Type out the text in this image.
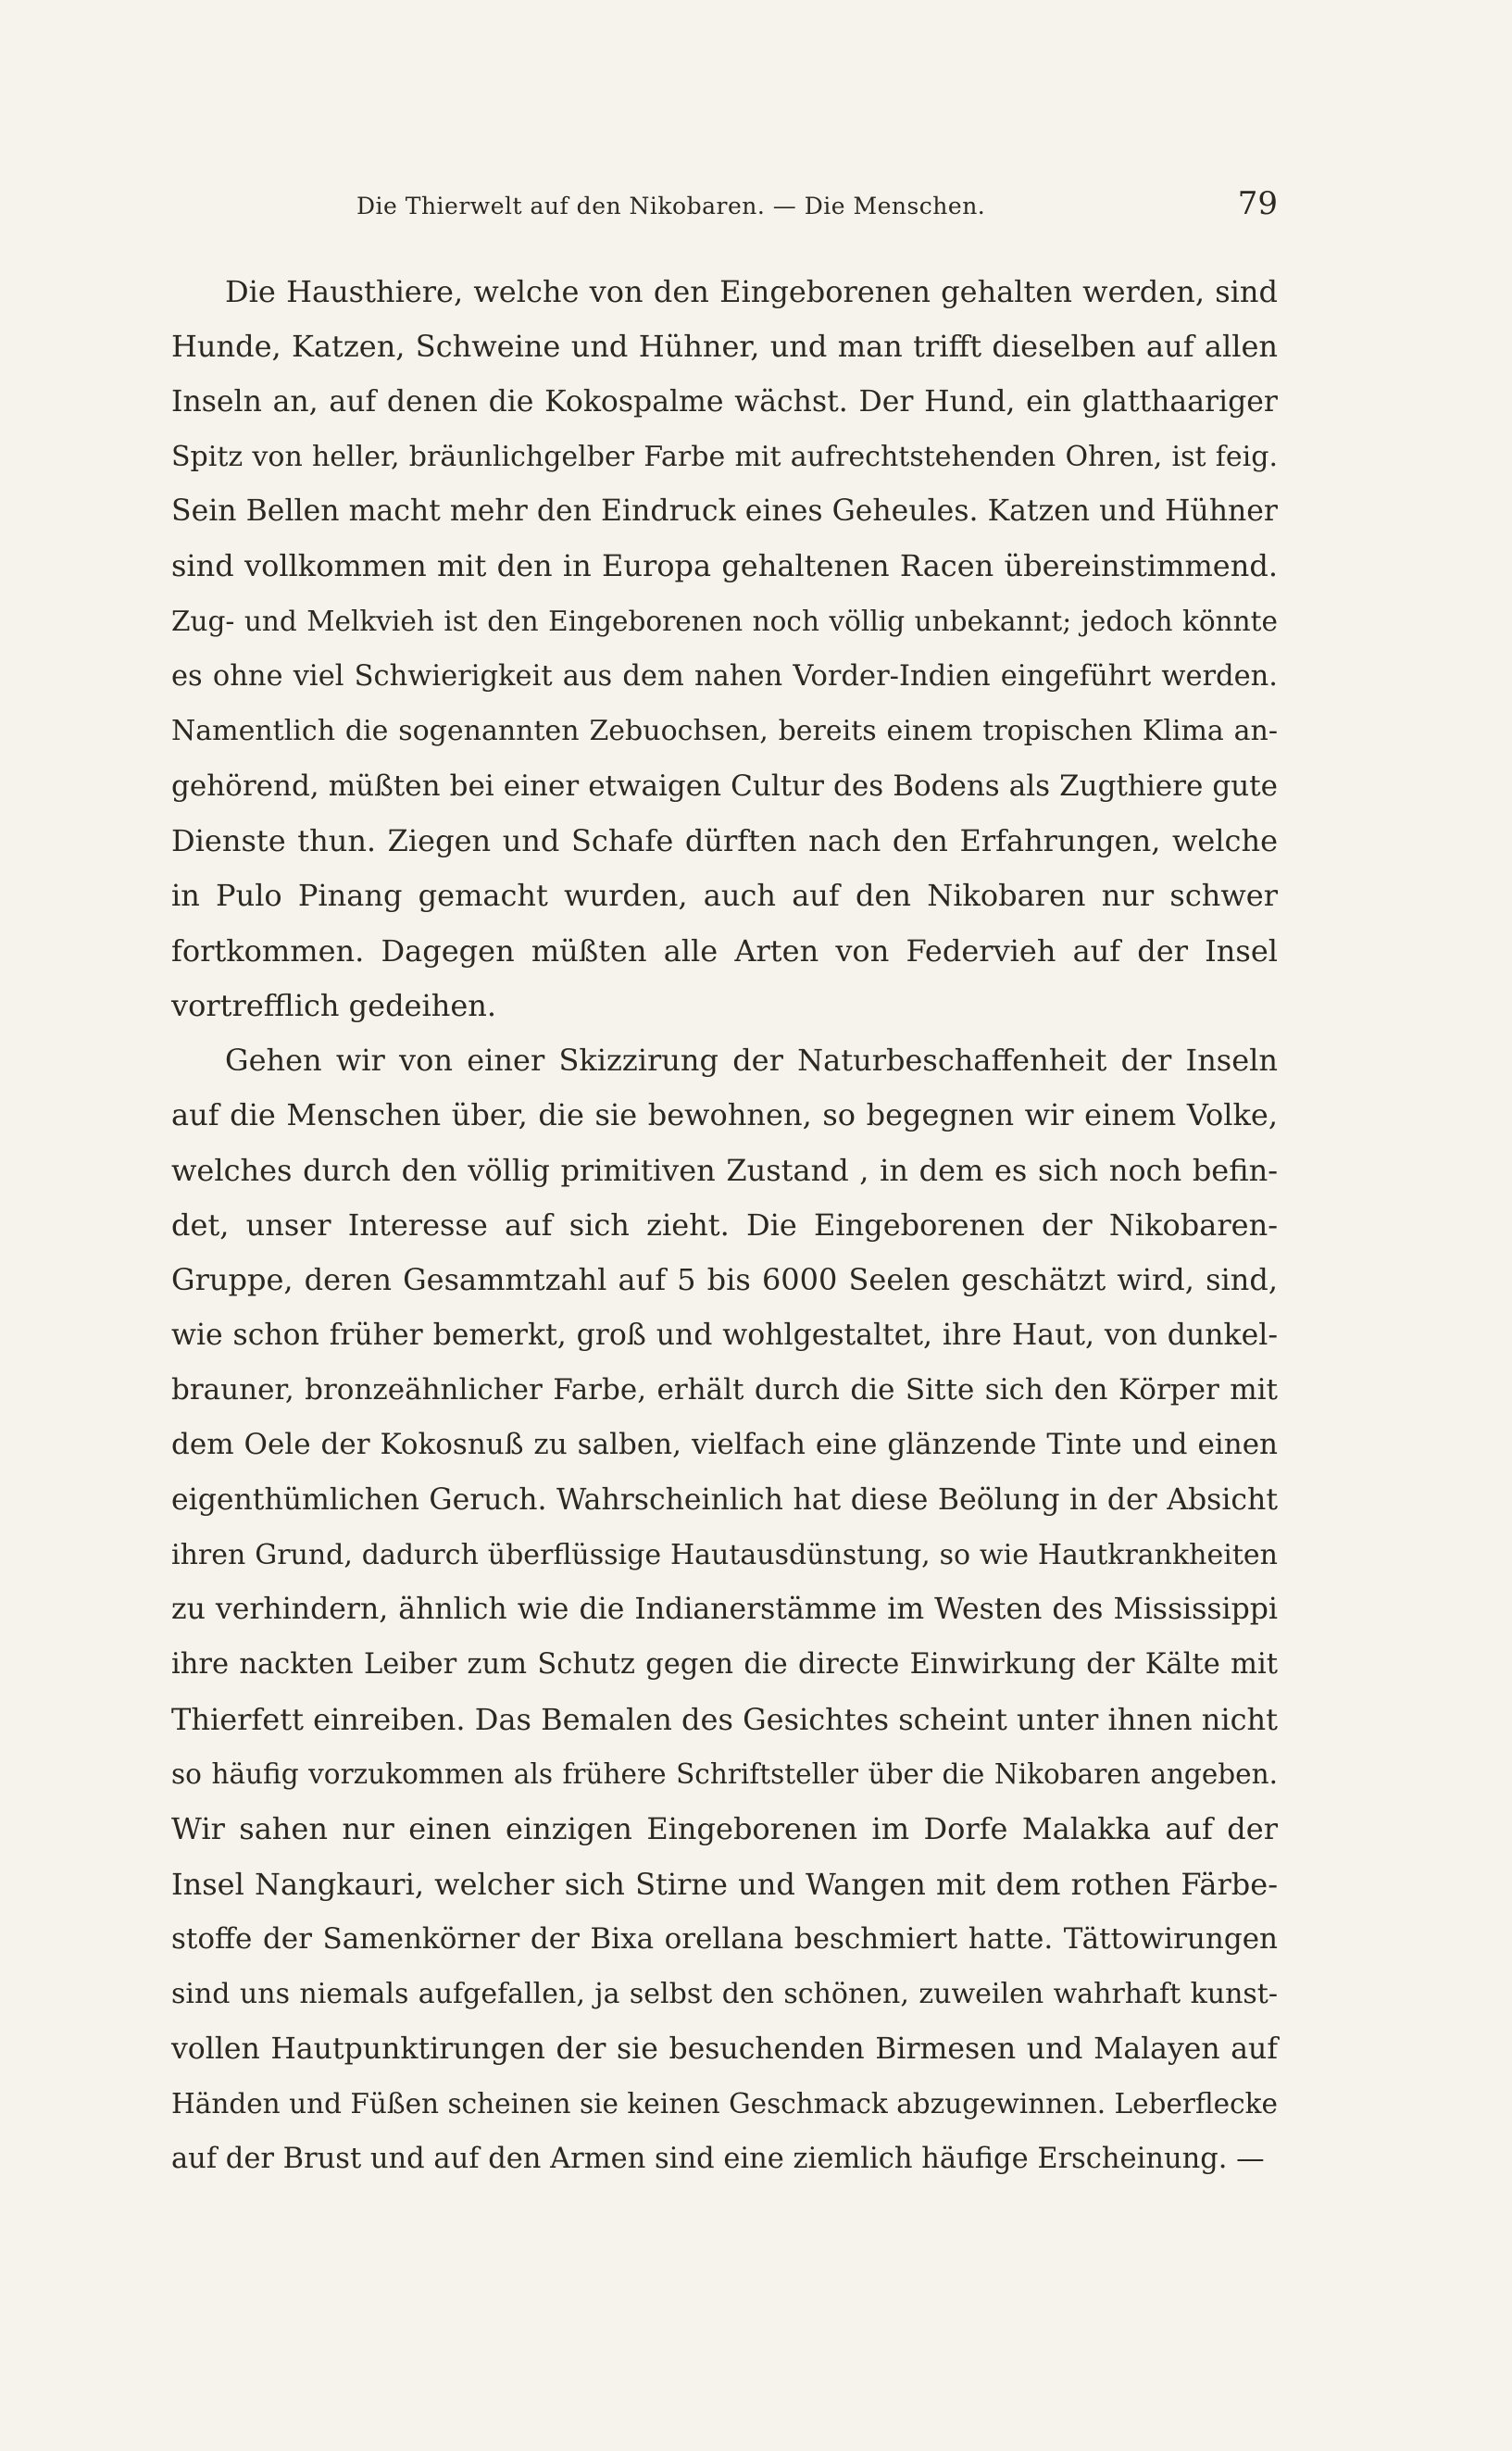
Die Thierwelt auf den Nikobaren. — Die Menschen.	79
Die Hausthiere, welche von den Eingeborenen gehalten werden, sind
Hunde, Katzen, Schweine und Hühner, und man trifft dieselben auf allen
Inseln an, auf denen die Kokospalme wächst. Der Hund, ein glatthaariger
Spitz von heller, bräunlichgelber Farbe mit aufrechtstehenden Ohren, ist feig.
Sein Bellen macht mehr den Eindruck eines Geheules. Katzen und Hühner
sind vollkommen mit den in Europa gehaltenen Racen übereinstimmend.
Zug- und Melkvieh ist den Eingeborenen noch völlig unbekannt; jedoch könnte
es ohne viel Schwierigkeit aus dem nahen Vorder-Indien eingeführt werden.
Namentlich die sogenannten Zebuochsen, bereits einem tropischen Klima an-
gehörend, müßten bei einer etwaigen Cultur des Bodens als Zugthiere gute
Dienste thun. Ziegen und Schafe dürften nach den Erfahrungen, welche
in Pulo Pinang gemacht wurden, auch auf den Nikobaren nur schwer
fortkommen. Dagegen müßten alle Arten von Federvieh auf der Insel
vortrefflich gedeihen.
Gehen wir von einer Skizzirung der Naturbeschaffenheit der Inseln
auf die Menschen über, die sie bewohnen, so begegnen wir einem Volke,
welches durch den völlig primitiven Zustand , in dem es sich noch befin-
det, unser Interesse auf sich zieht. Die Eingeborenen der Nikobaren-
Gruppe, deren Gesammtzahl auf 5 bis 6000 Seelen geschätzt wird, sind,
wie schon früher bemerkt, groß und wohlgestaltet, ihre Haut, von dunkel-
brauner, bronzeähnlicher Farbe, erhält durch die Sitte sich den Körper mit
dem Oele der Kokosnuß zu salben, vielfach eine glänzende Tinte und einen
eigenthümlichen Geruch. Wahrscheinlich hat diese Beölung in der Absicht
ihren Grund, dadurch überflüssige Hautausdünstung, so wie Hautkrankheiten
zu verhindern, ähnlich wie die Indianerstämme im Westen des Mississippi
ihre nackten Leiber zum Schutz gegen die directe Einwirkung der Kälte mit
Thierfett einreiben. Das Bemalen des Gesichtes scheint unter ihnen nicht
so häufig vorzukommen als frühere Schriftsteller über die Nikobaren angeben.
Wir sahen nur einen einzigen Eingeborenen im Dorfe Malakka auf der
Insel Nangkauri, welcher sich Stirne und Wangen mit dem rothen Färbe-
stoffe der Samenkörner der Bixa orellana beschmiert hatte. Tättowirungen
sind uns niemals aufgefallen, ja selbst den schönen, zuweilen wahrhaft kunst-
vollen Hautpunktirungen der sie besuchenden Birmesen und Malayen auf
Händen und Füßen scheinen sie keinen Geschmack abzugewinnen. Leberflecke
auf der Brust und auf den Armen sind eine ziemlich häufige Erscheinung. —
